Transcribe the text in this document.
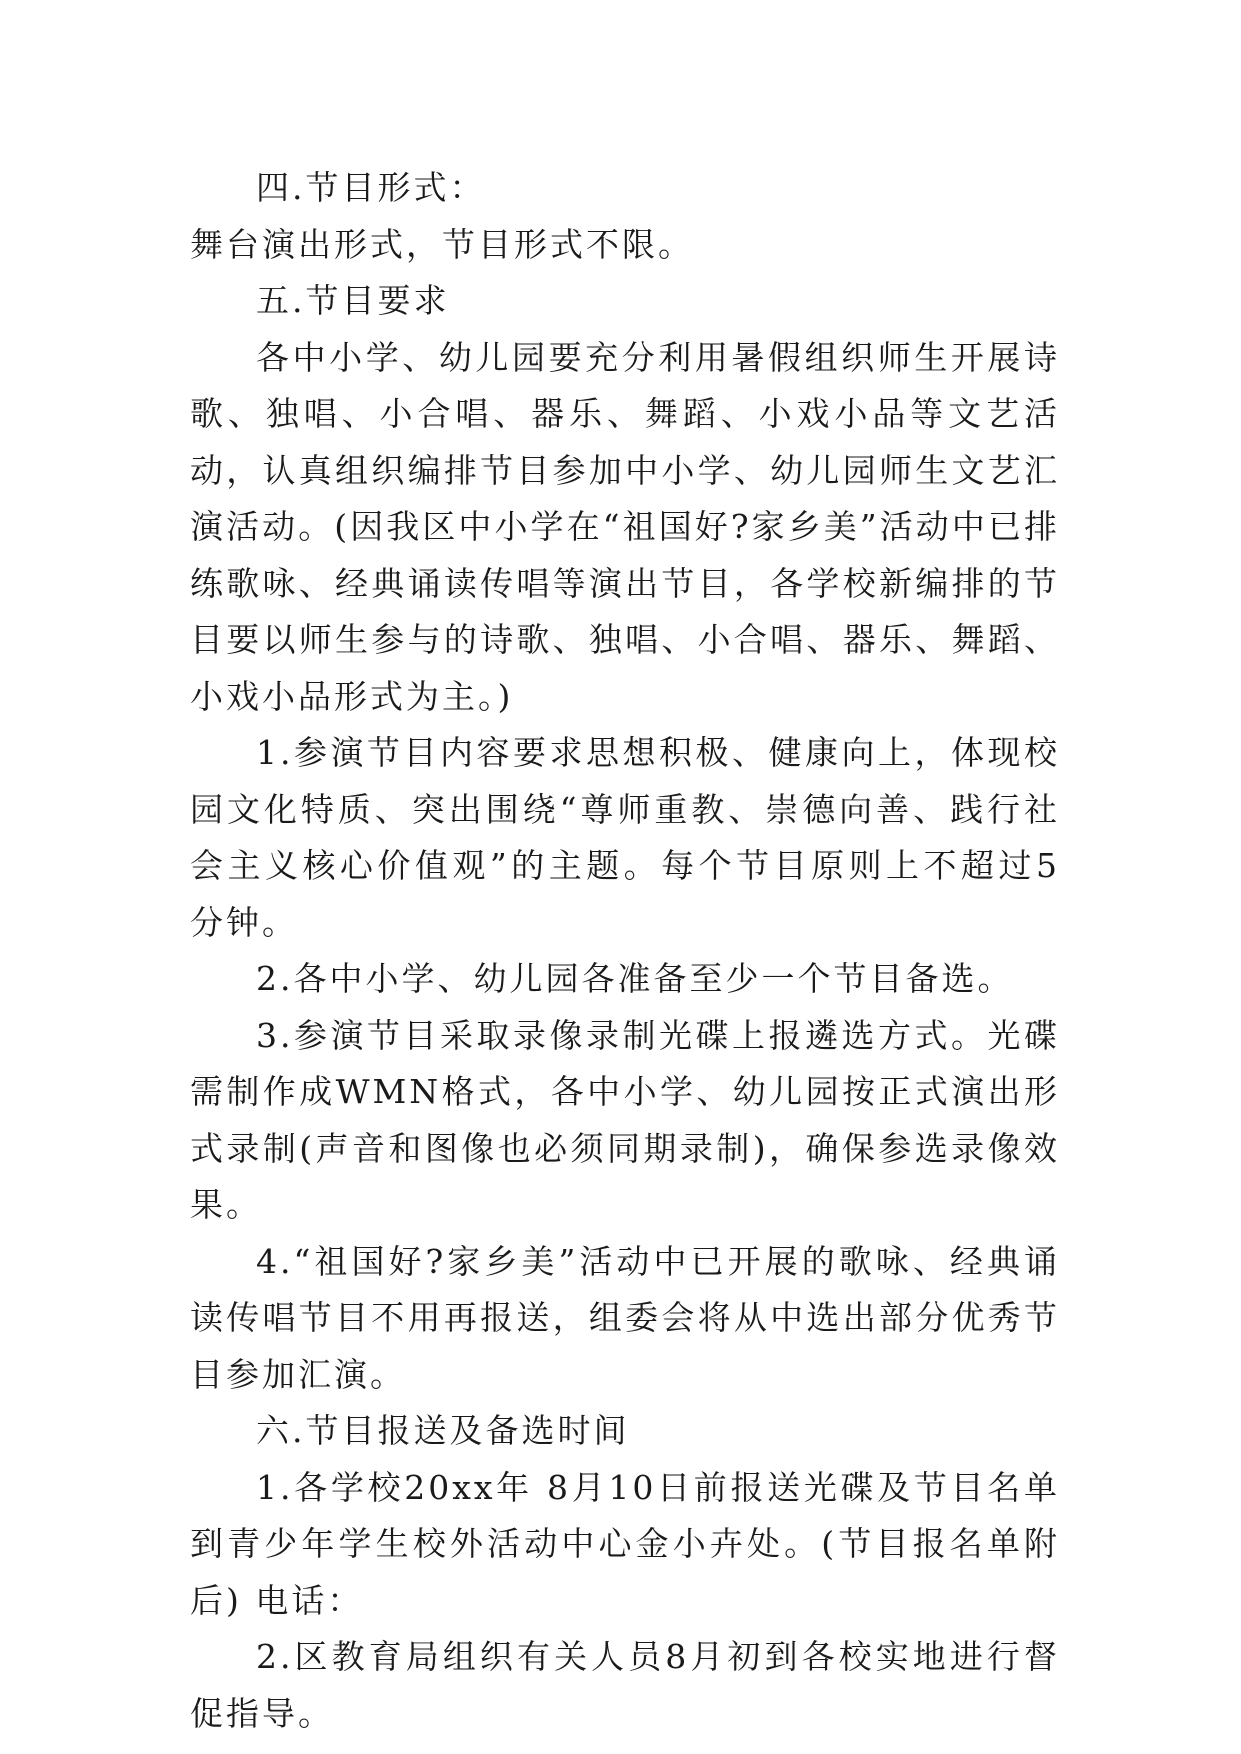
四.节目形式：

舞台演出形式，节目形式不限。

五.节目要求

各中小学、幼儿园要充分利用暑假组织师生开展诗歌、独唱、小合唱、器乐、舞蹈、小戏小品等文艺活动，认真组织编排节目参加中小学、幼儿园师生文艺汇演活动。(因我区中小学在“祖国好?家乡美”活动中已排练歌咏、经典诵读传唱等演出节目，各学校新编排的节目要以师生参与的诗歌、独唱、小合唱、器乐、舞蹈、小戏小品形式为主。)

1.参演节目内容要求思想积极、健康向上，体现校园文化特质、突出围绕“尊师重教、崇德向善、践行社会主义核心价值观”的主题。每个节目原则上不超过5分钟。

2.各中小学、幼儿园各准备至少一个节目备选。

3.参演节目采取录像录制光碟上报遴选方式。光碟需制作成WMN格式，各中小学、幼儿园按正式演出形式录制(声音和图像也必须同期录制)，确保参选录像效果。

4.“祖国好?家乡美”活动中已开展的歌咏、经典诵读传唱节目不用再报送，组委会将从中选出部分优秀节目参加汇演。

六.节目报送及备选时间

1.各学校20xx年 8月10日前报送光碟及节目名单到青少年学生校外活动中心金小卉处。(节目报名单附后) 电话：

2.区教育局组织有关人员8月初到各校实地进行督促指导。
